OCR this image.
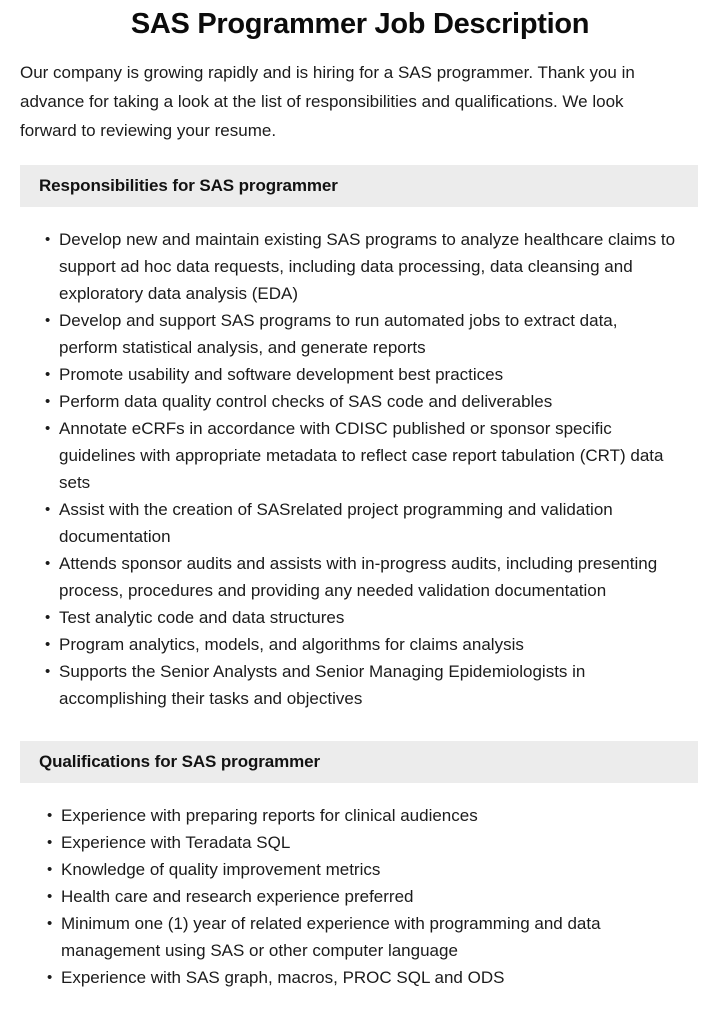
SAS Programmer Job Description

Our company is growing rapidly and is hiring for a SAS programmer. Thank you in advance for taking a look at the list of responsibilities and qualifications. We look forward to reviewing your resume.

Responsibilities for SAS programmer
• Develop new and maintain existing SAS programs to analyze healthcare claims to support ad hoc data requests, including data processing, data cleansing and exploratory data analysis (EDA)
• Develop and support SAS programs to run automated jobs to extract data, perform statistical analysis, and generate reports
• Promote usability and software development best practices
• Perform data quality control checks of SAS code and deliverables
• Annotate eCRFs in accordance with CDISC published or sponsor specific guidelines with appropriate metadata to reflect case report tabulation (CRT) data sets
• Assist with the creation of SASrelated project programming and validation documentation
• Attends sponsor audits and assists with in-progress audits, including presenting process, procedures and providing any needed validation documentation
• Test analytic code and data structures
• Program analytics, models, and algorithms for claims analysis
• Supports the Senior Analysts and Senior Managing Epidemiologists in accomplishing their tasks and objectives
Qualifications for SAS programmer
• Experience with preparing reports for clinical audiences
• Experience with Teradata SQL
• Knowledge of quality improvement metrics
• Health care and research experience preferred
• Minimum one (1) year of related experience with programming and data management using SAS or other computer language
• Experience with SAS graph, macros, PROC SQL and ODS
